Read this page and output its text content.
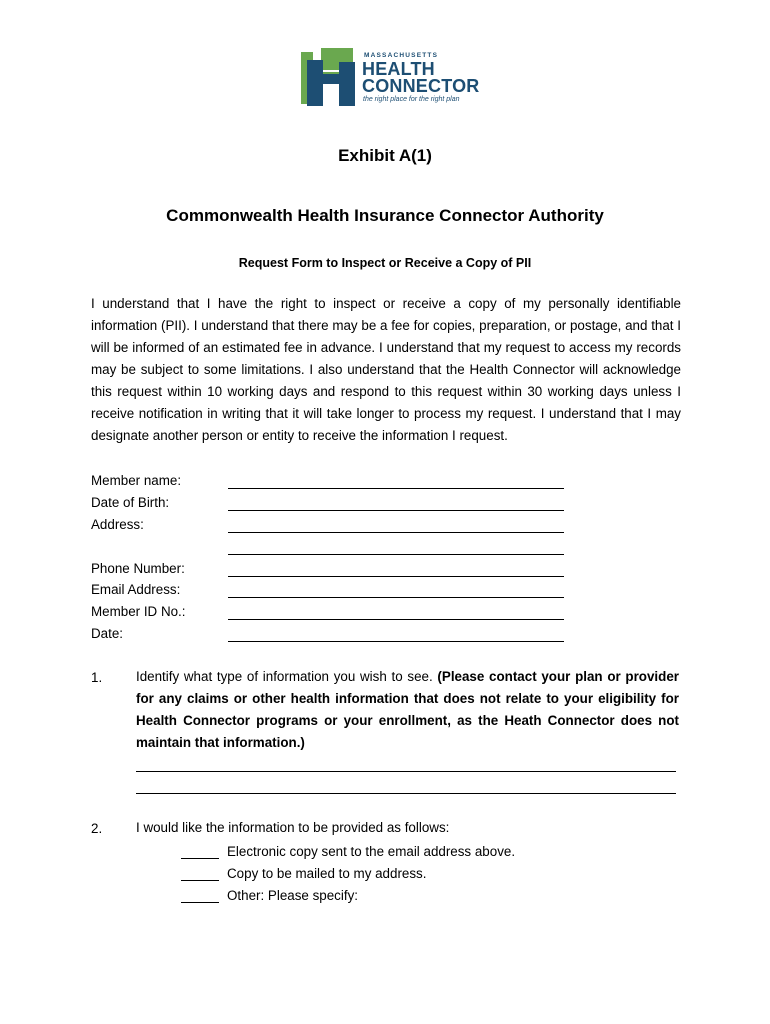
MASSACHUSETTS
HEALTH
CONNECTOR
the right place for the right plan
Exhibit A(1)
Commonwealth Health Insurance Connector Authority
Request Form to Inspect or Receive a Copy of PII
I understand that I have the right to inspect or receive a copy of my personally identifiable information (PII). I understand that there may be a fee for copies, preparation, or postage, and that I will be informed of an estimated fee in advance. I understand that my request to access my records may be subject to some limitations. I also understand that the Health Connector will acknowledge this request within 10 working days and respond to this request within 30 working days unless I receive notification in writing that it will take longer to process my request. I understand that I may designate another person or entity to receive the information I request.
Member name:
Date of Birth:
Address:
Phone Number:
Email Address:
Member ID No.:
Date:
1.	Identify what type of information you wish to see. (Please contact your plan or provider for any claims or other health information that does not relate to your eligibility for Health Connector programs or your enrollment, as the Heath Connector does not maintain that information.)
2.	I would like the information to be provided as follows:
Electronic copy sent to the email address above.
Copy to be mailed to my address.
Other: Please specify:
